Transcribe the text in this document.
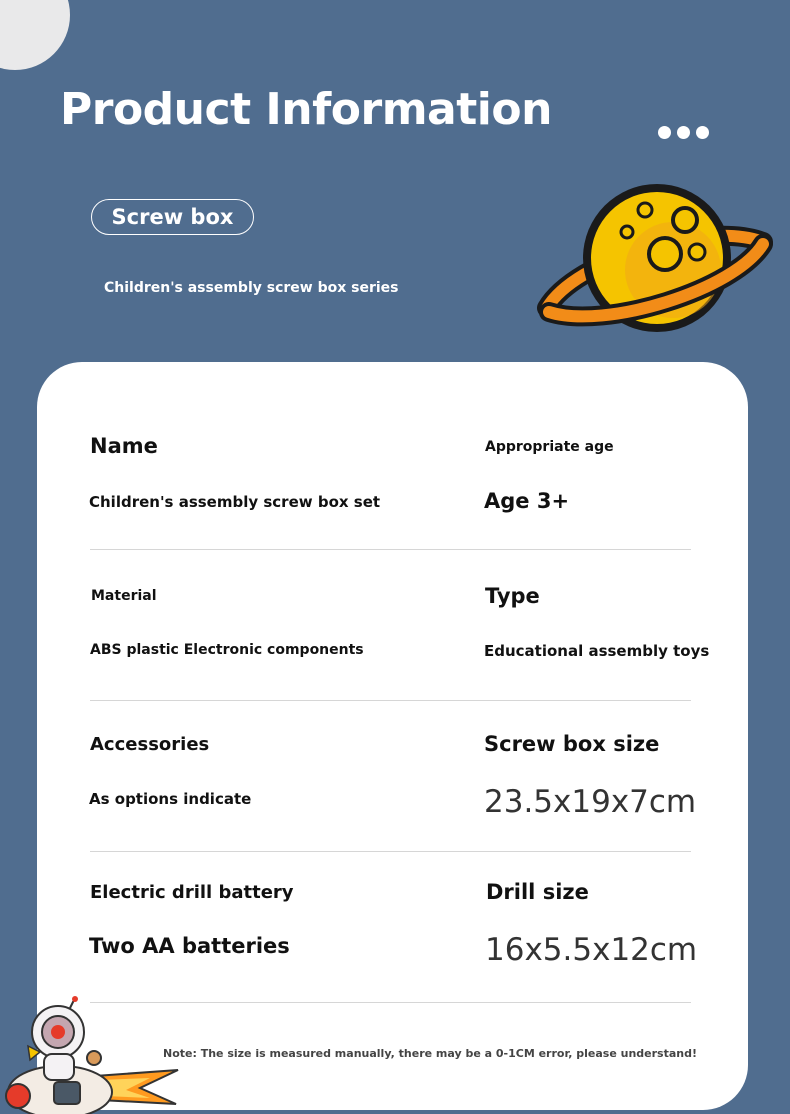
Product Information
Screw box
Children's assembly screw box series
Name
Children's assembly screw box set
Appropriate age
Age 3+
Material
ABS plastic Electronic components
Type
Educational assembly toys
Accessories
As options indicate
Screw box size
23.5x19x7cm
Electric drill battery
Two AA batteries
Drill size
16x5.5x12cm
Note: The size is measured manually, there may be a 0-1CM error, please understand!
